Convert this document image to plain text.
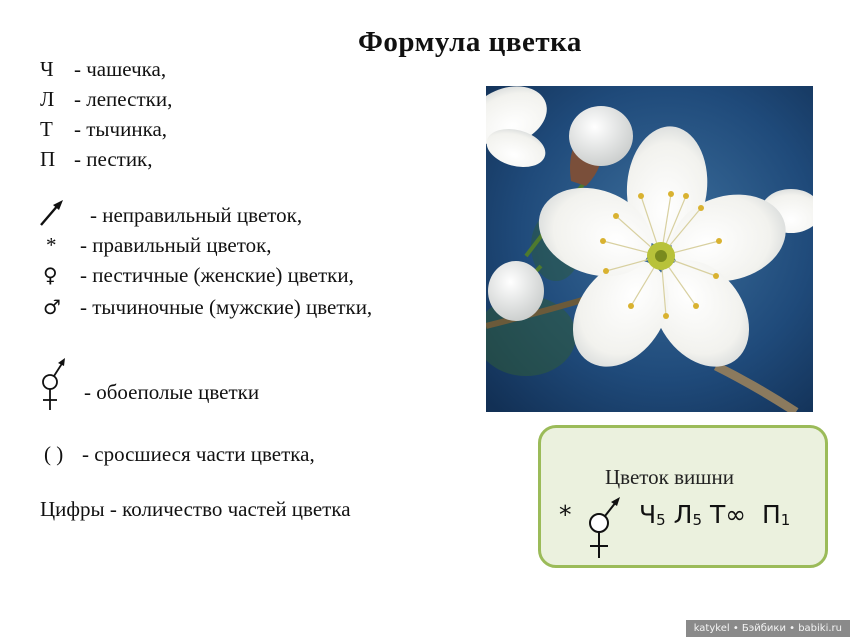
Формула цветка
Ч - чашечка,
Л - лепестки,
Т - тычинка,
П - пестик,
- неправильный цветок,
* - правильный цветок,
♀ - пестичные (женские) цветки,
♂ - тычиночные (мужские) цветки,
- обоеполые цветки
( ) - сросшиеся части цветка,
Цифры - количество частей цветка
Цветок вишни
*	Ч5 Л5 Т∞ П1
katykel • Бэйбики • babiki.ru
